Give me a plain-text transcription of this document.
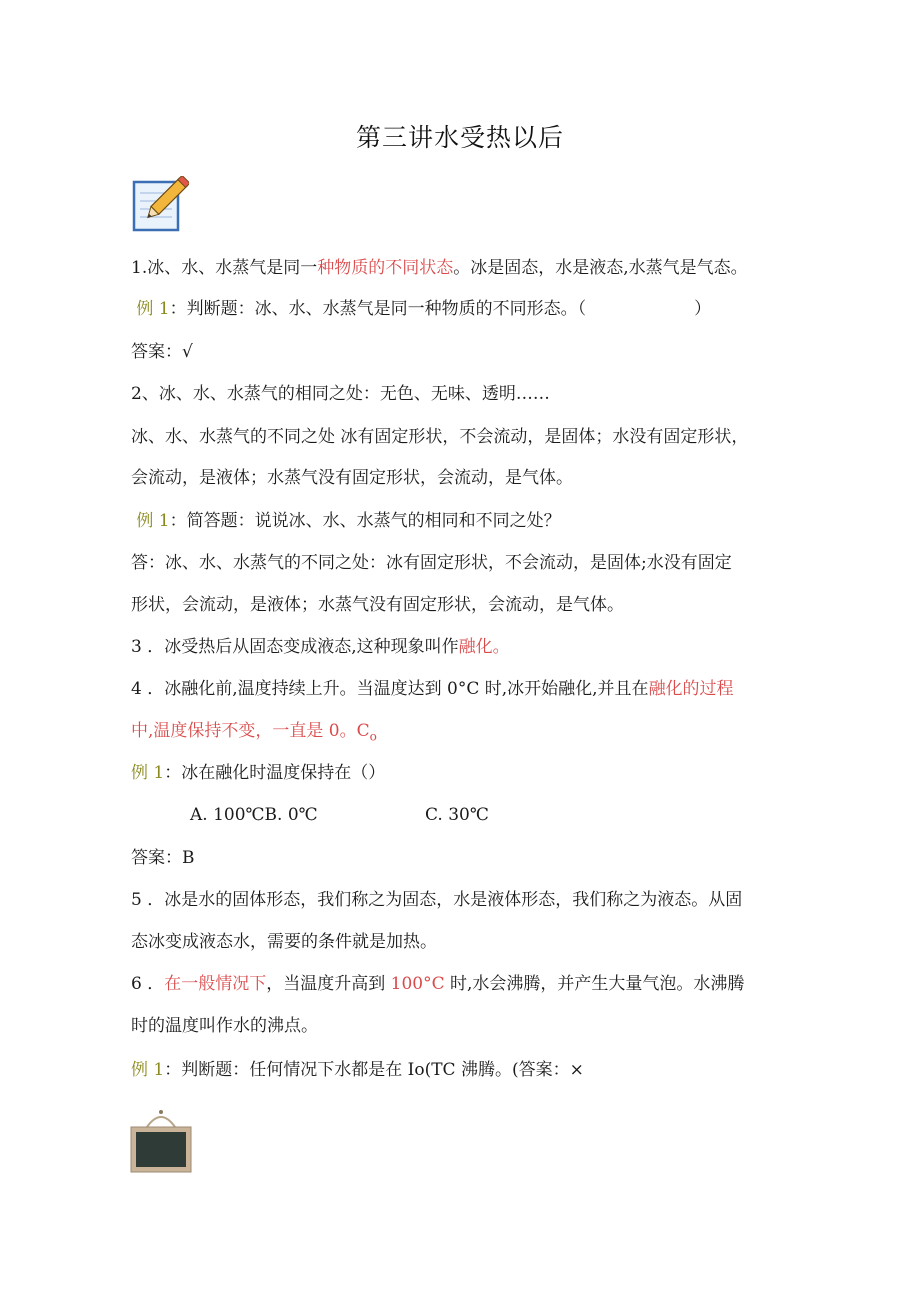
第三讲水受热以后
1.冰、水、水蒸气是同一种物质的不同状态。冰是固态，水是液态,水蒸气是气态。
例 1：判断题：冰、水、水蒸气是同一种物质的不同形态。（	）
答案：√
2、冰、水、水蒸气的相同之处：无色、无味、透明……
冰、水、水蒸气的不同之处 冰有固定形状，不会流动，是固体；水没有固定形状，
会流动，是液体；水蒸气没有固定形状，会流动，是气体。
例 1：简答题：说说冰、水、水蒸气的相同和不同之处？
答：冰、水、水蒸气的不同之处：冰有固定形状，不会流动，是固体;水没有固定
形状，会流动，是液体；水蒸气没有固定形状，会流动，是气体。
3 ．冰受热后从固态变成液态,这种现象叫作融化。
4 ．冰融化前,温度持续上升。当温度达到 0°C 时,冰开始融化,并且在融化的过程
中,温度保持不变，一直是 0。$C_o$
例 1：冰在融化时温度保持在（）
A. 100℃B. 0℃	C. 30℃
答案：B
5 ．冰是水的固体形态，我们称之为固态，水是液体形态，我们称之为液态。从固
态冰变成液态水，需要的条件就是加热。
6 ．在一般情况下，当温度升高到 100°C 时,水会沸腾，并产生大量气泡。水沸腾
时的温度叫作水的沸点。
例 1：判断题：任何情况下水都是在 Io(TC 沸腾。(答案：×
